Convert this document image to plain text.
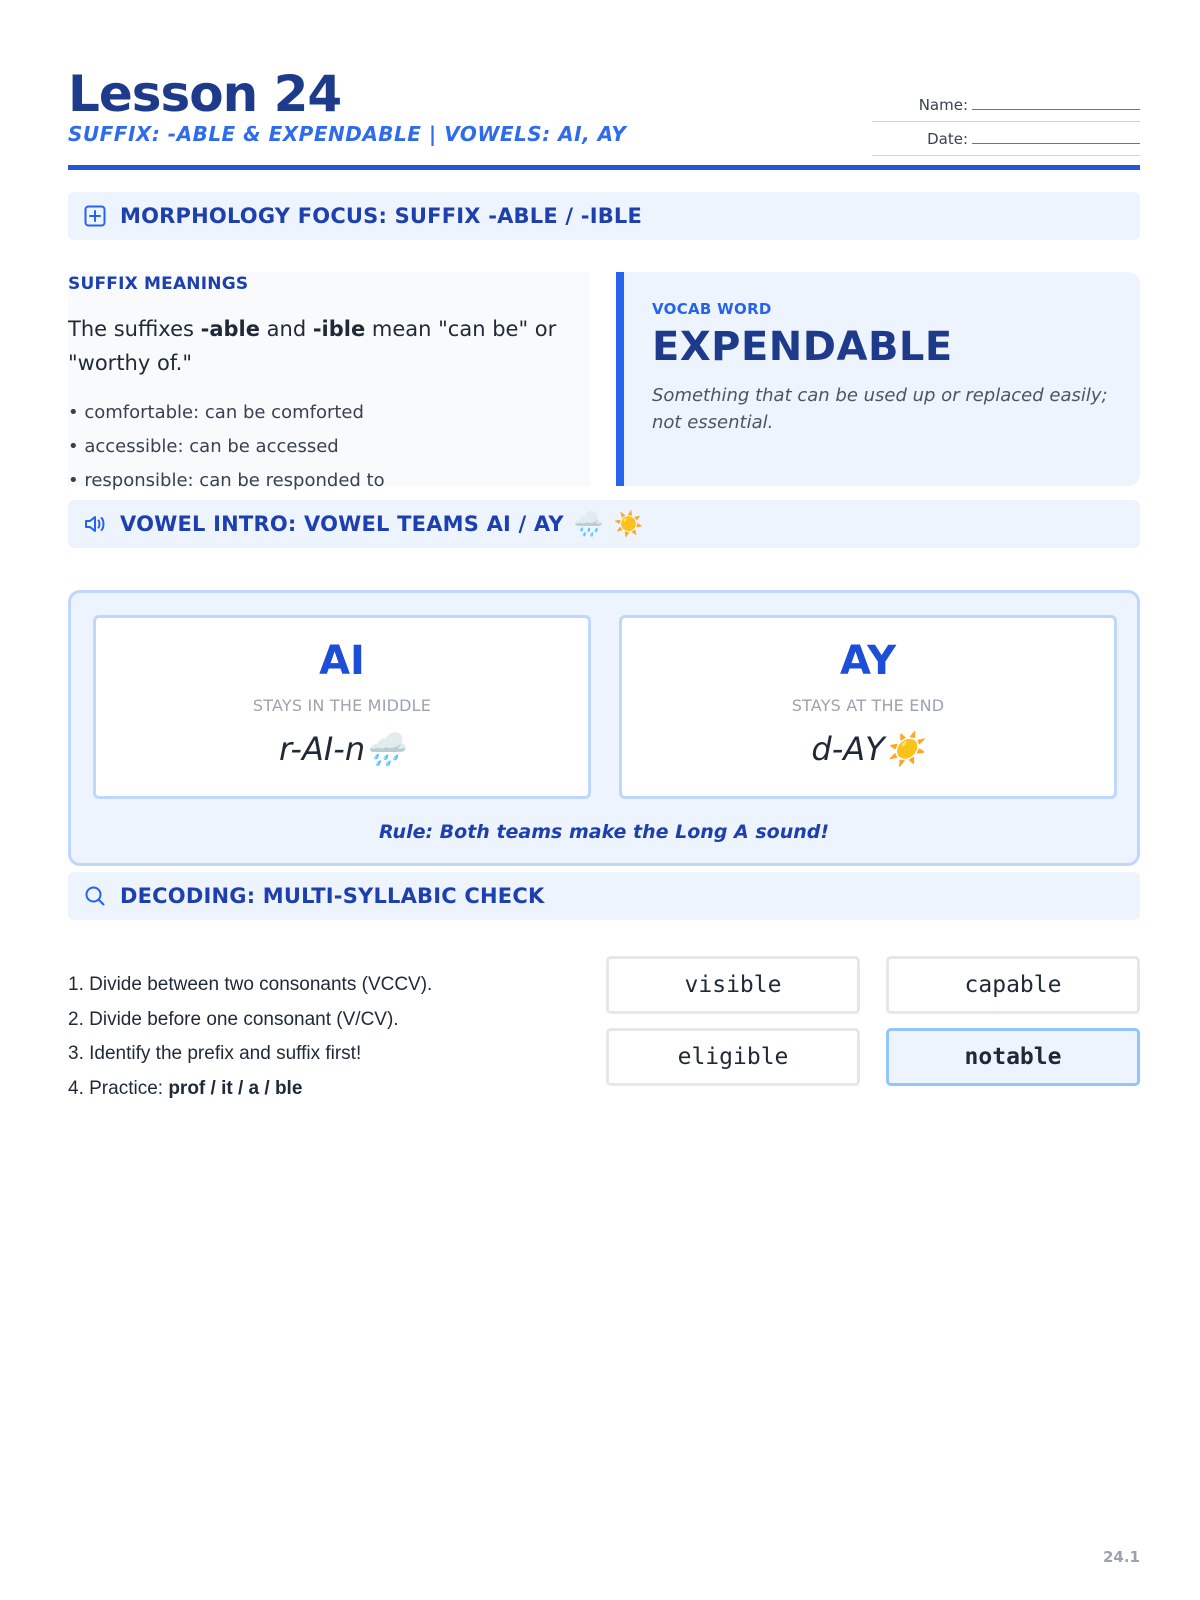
Lesson 24
SUFFIX: -ABLE & EXPENDABLE | VOWELS: AI, AY
Name:
Date:
MORPHOLOGY FOCUS: SUFFIX -ABLE / -IBLE
SUFFIX MEANINGS
The suffixes -able and -ible mean "can be" or "worthy of."
• comfortable: can be comforted
• accessible: can be accessed
• responsible: can be responded to
VOCAB WORD
EXPENDABLE
Something that can be used up or replaced easily; not essential.
VOWEL INTRO: VOWEL TEAMS AI / AY 🌧️ ☀️
AI
STAYS IN THE MIDDLE
r-AI-n🌧️
AY
STAYS AT THE END
d-AY☀️
Rule: Both teams make the Long A sound!
DECODING: MULTI-SYLLABIC CHECK
1. Divide between two consonants (VCCV).
2. Divide before one consonant (V/CV).
3. Identify the prefix and suffix first!
4. Practice: prof / it / a / ble
visible	capable
eligible	notable
24.1
